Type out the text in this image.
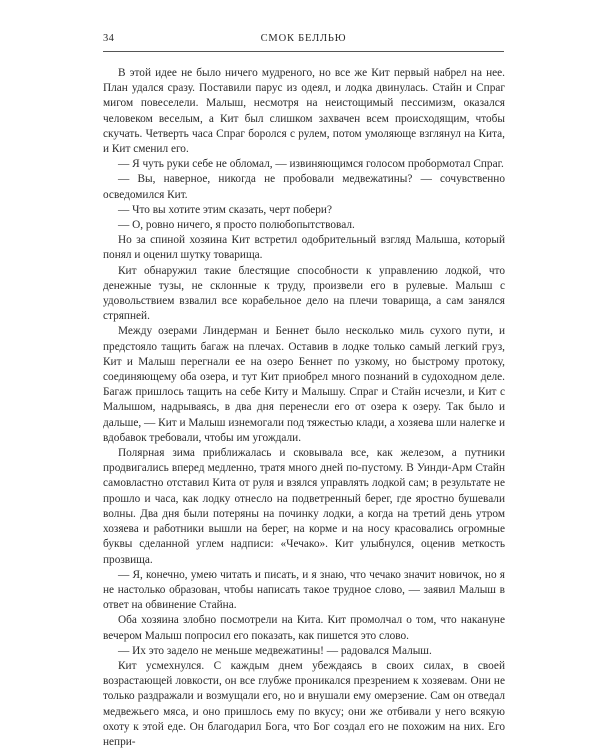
34	СМОК БЕЛЛЬЮ

В этой идее не было ничего мудреного, но все же Кит первый набрел на нее. План удался сразу. Поставили парус из одеял, и лодка двинулась. Стайн и Спраг мигом повеселели. Малыш, несмотря на неистощимый пессимизм, оказался человеком веселым, а Кит был слишком захвачен всем происходящим, чтобы скучать. Четверть часа Спраг боролся с рулем, потом умоляюще взглянул на Кита, и Кит сменил его.

— Я чуть руки себе не обломал, — извиняющимся голосом пробормотал Спраг.

— Вы, наверное, никогда не пробовали медвежатины? — сочувственно осведомился Кит.

— Что вы хотите этим сказать, черт побери?

— О, ровно ничего, я просто полюбопытствовал.

Но за спиной хозяина Кит встретил одобрительный взгляд Малыша, который понял и оценил шутку товарища.

Кит обнаружил такие блестящие способности к управлению лодкой, что денежные тузы, не склонные к труду, произвели его в рулевые. Малыш с удовольствием взвалил все корабельное дело на плечи товарища, а сам занялся стряпней.

Между озерами Линдерман и Беннет было несколько миль сухого пути, и предстояло тащить багаж на плечах. Оставив в лодке только самый легкий груз, Кит и Малыш перегнали ее на озеро Беннет по узкому, но быстрому протоку, соединяющему оба озера, и тут Кит приобрел много познаний в судоходном деле. Багаж пришлось тащить на себе Киту и Малышу. Спраг и Стайн исчезли, и Кит с Малышом, надрываясь, в два дня перенесли его от озера к озеру. Так было и дальше, — Кит и Малыш изнемогали под тяжестью клади, а хозяева шли налегке и вдобавок требовали, чтобы им угождали.

Полярная зима приближалась и сковывала все, как железом, а путники продвигались вперед медленно, тратя много дней по-пустому. В Уинди-Арм Стайн самовластно отставил Кита от руля и взялся управлять лодкой сам; в результате не прошло и часа, как лодку отнесло на подветренный берег, где яростно бушевали волны. Два дня были потеряны на починку лодки, а когда на третий день утром хозяева и работники вышли на берег, на корме и на носу красовались огромные буквы сделанной углем надписи: «Чечако». Кит улыбнулся, оценив меткость прозвища.

— Я, конечно, умею читать и писать, и я знаю, что чечако значит новичок, но я не настолько образован, чтобы написать такое трудное слово, — заявил Малыш в ответ на обвинение Стайна.

Оба хозяина злобно посмотрели на Кита. Кит промолчал о том, что накануне вечером Малыш попросил его показать, как пишется это слово.

— Их это задело не меньше медвежатины! — радовался Малыш.

Кит усмехнулся. С каждым днем убеждаясь в своих силах, в своей возрастающей ловкости, он все глубже проникался презрением к хозяевам. Они не только раздражали и возмущали его, но и внушали ему омерзение. Сам он отведал медвежьего мяса, и оно пришлось ему по вкусу; они же отбивали у него всякую охоту к этой еде. Он благодарил Бога, что Бог создал его не похожим на них. Его непри-
